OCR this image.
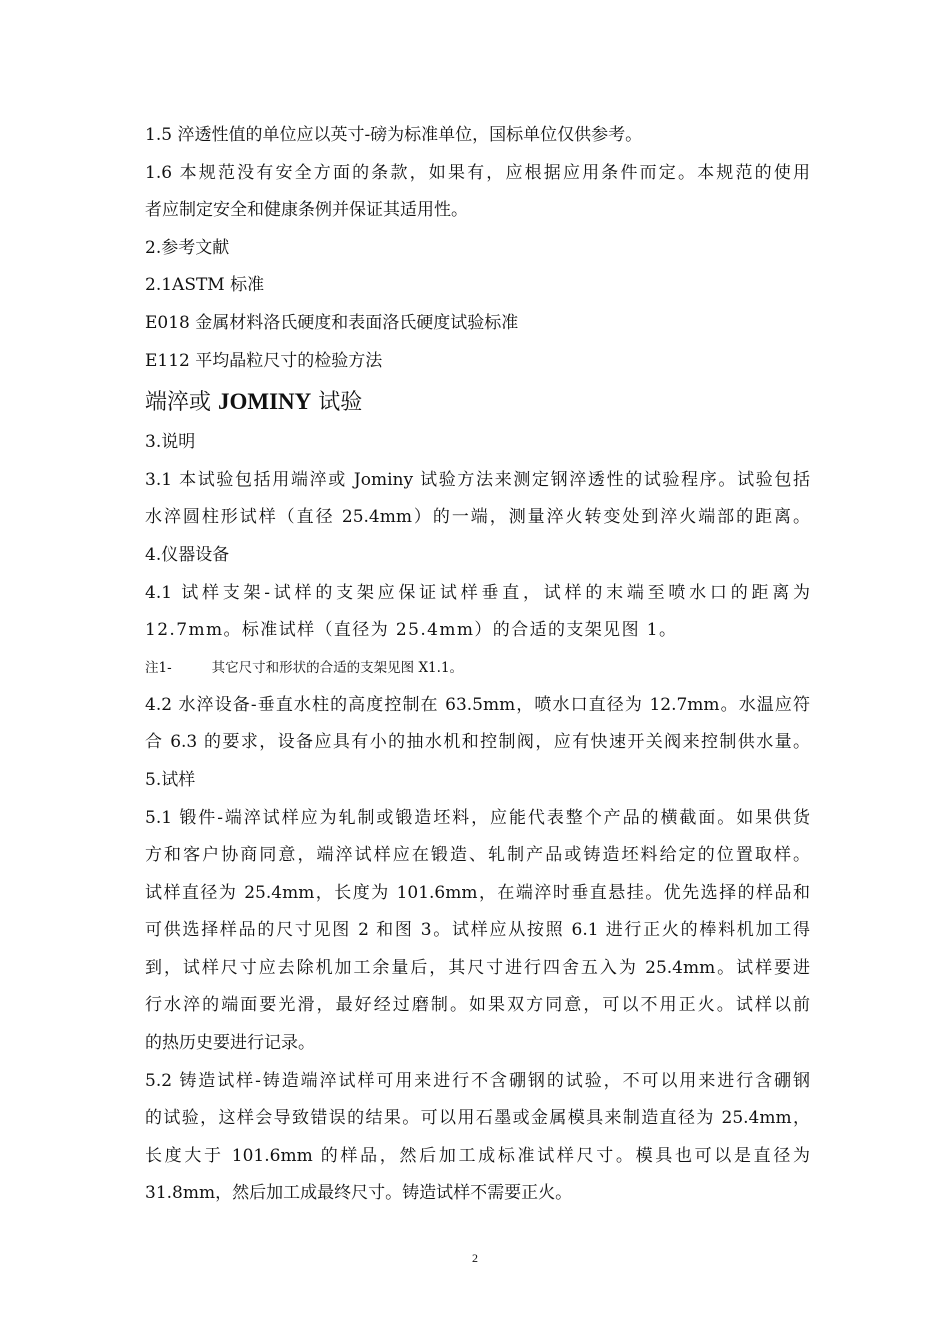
1.5 淬透性值的单位应以英寸-磅为标准单位，国标单位仅供参考。
1.6 本规范没有安全方面的条款，如果有，应根据应用条件而定。本规范的使用
者应制定安全和健康条例并保证其适用性。
2.参考文献
2.1ASTM 标准
E018 金属材料洛氏硬度和表面洛氏硬度试验标准
E112 平均晶粒尺寸的检验方法
端淬或 JOMINY 试验
3.说明
3.1 本试验包括用端淬或 Jominy 试验方法来测定钢淬透性的试验程序。试验包括
水淬圆柱形试样（直径 25.4mm）的一端，测量淬火转变处到淬火端部的距离。
4.仪器设备
4.1 试样支架-试样的支架应保证试样垂直，试样的末端至喷水口的距离为
12.7mm。标准试样（直径为 25.4mm）的合适的支架见图 1。
注1-	其它尺寸和形状的合适的支架见图 X1.1。
4.2 水淬设备-垂直水柱的高度控制在 63.5mm，喷水口直径为 12.7mm。水温应符
合 6.3 的要求，设备应具有小的抽水机和控制阀，应有快速开关阀来控制供水量。
5.试样
5.1 锻件-端淬试样应为轧制或锻造坯料，应能代表整个产品的横截面。如果供货
方和客户协商同意，端淬试样应在锻造、轧制产品或铸造坯料给定的位置取样。
试样直径为 25.4mm，长度为 101.6mm，在端淬时垂直悬挂。优先选择的样品和
可供选择样品的尺寸见图 2 和图 3。试样应从按照 6.1 进行正火的棒料机加工得
到，试样尺寸应去除机加工余量后，其尺寸进行四舍五入为 25.4mm。试样要进
行水淬的端面要光滑，最好经过磨制。如果双方同意，可以不用正火。试样以前
的热历史要进行记录。
5.2 铸造试样-铸造端淬试样可用来进行不含硼钢的试验，不可以用来进行含硼钢
的试验，这样会导致错误的结果。可以用石墨或金属模具来制造直径为 25.4mm，
长度大于 101.6mm 的样品，然后加工成标准试样尺寸。模具也可以是直径为
31.8mm，然后加工成最终尺寸。铸造试样不需要正火。
2
